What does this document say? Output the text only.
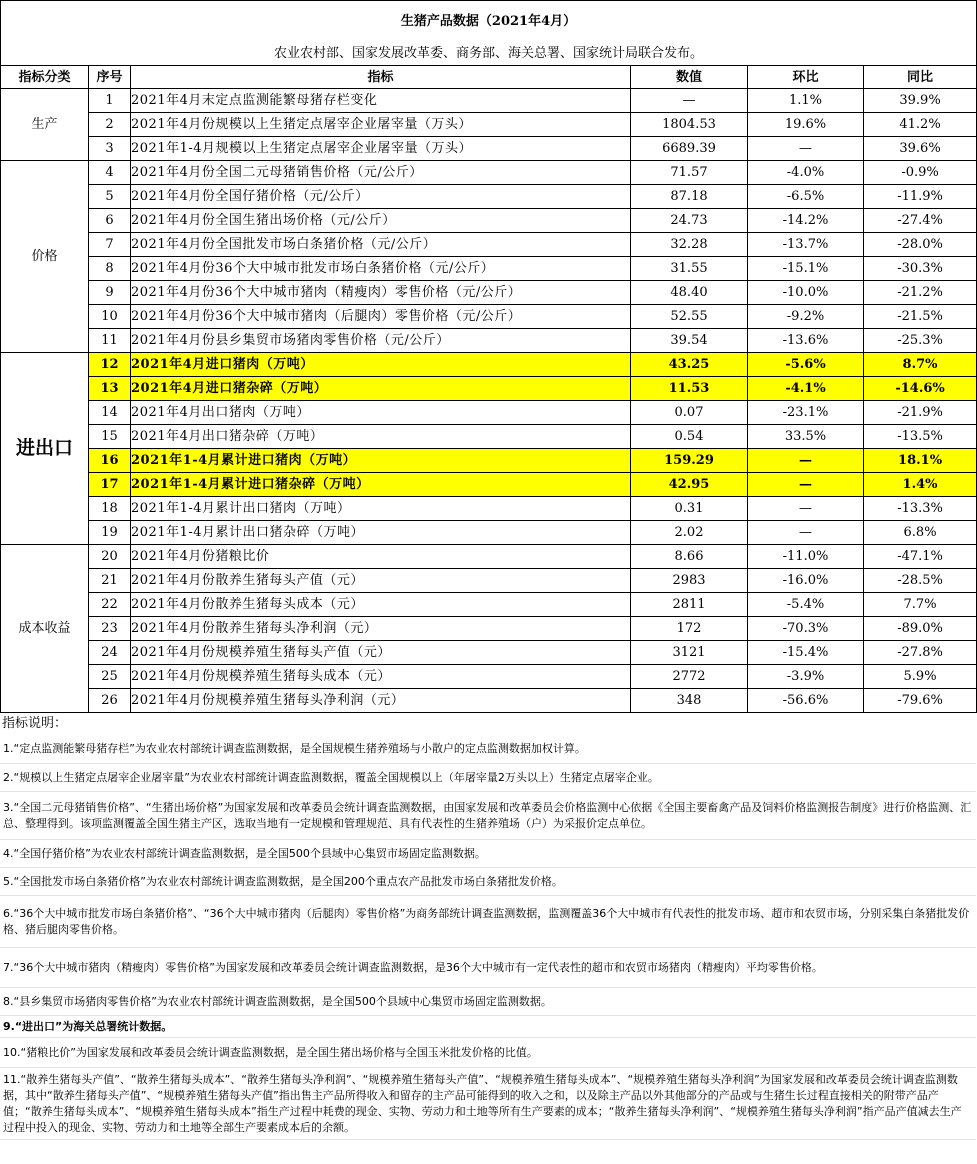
生猪产品数据（2021年4月）					
农业农村部、国家发展改革委、商务部、海关总署、国家统计局联合发布。					
指标分类	序号	指标	数值	环比	同比
生产	1	2021年4月末定点监测能繁母猪存栏变化	—	1.1%	39.9%
	2	2021年4月份规模以上生猪定点屠宰企业屠宰量（万头）	1804.53	19.6%	41.2%
	3	2021年1-4月规模以上生猪定点屠宰企业屠宰量（万头）	6689.39	—	39.6%
价格	4	2021年4月份全国二元母猪销售价格（元/公斤）	71.57	-4.0%	-0.9%
	5	2021年4月份全国仔猪价格（元/公斤）	87.18	-6.5%	-11.9%
	6	2021年4月份全国生猪出场价格（元/公斤）	24.73	-14.2%	-27.4%
	7	2021年4月份全国批发市场白条猪价格（元/公斤）	32.28	-13.7%	-28.0%
	8	2021年4月份36个大中城市批发市场白条猪价格（元/公斤）	31.55	-15.1%	-30.3%
	9	2021年4月份36个大中城市猪肉（精瘦肉）零售价格（元/公斤）	48.40	-10.0%	-21.2%
	10	2021年4月份36个大中城市猪肉（后腿肉）零售价格（元/公斤）	52.55	-9.2%	-21.5%
	11	2021年4月份县乡集贸市场猪肉零售价格（元/公斤）	39.54	-13.6%	-25.3%
进出口	12	2021年4月进口猪肉（万吨）	43.25	-5.6%	8.7%
	13	2021年4月进口猪杂碎（万吨）	11.53	-4.1%	-14.6%
	14	2021年4月出口猪肉（万吨）	0.07	-23.1%	-21.9%
	15	2021年4月出口猪杂碎（万吨）	0.54	33.5%	-13.5%
	16	2021年1-4月累计进口猪肉（万吨）	159.29	—	18.1%
	17	2021年1-4月累计进口猪杂碎（万吨）	42.95	—	1.4%
	18	2021年1-4月累计出口猪肉（万吨）	0.31	—	-13.3%
	19	2021年1-4月累计出口猪杂碎（万吨）	2.02	—	6.8%
成本收益	20	2021年4月份猪粮比价	8.66	-11.0%	-47.1%
	21	2021年4月份散养生猪每头产值（元）	2983	-16.0%	-28.5%
	22	2021年4月份散养生猪每头成本（元）	2811	-5.4%	7.7%
	23	2021年4月份散养生猪每头净利润（元）	172	-70.3%	-89.0%
	24	2021年4月份规模养殖生猪每头产值（元）	3121	-15.4%	-27.8%
	25	2021年4月份规模养殖生猪每头成本（元）	2772	-3.9%	5.9%
	26	2021年4月份规模养殖生猪每头净利润（元）	348	-56.6%	-79.6%
指标说明：
1.“定点监测能繁母猪存栏”为农业农村部统计调查监测数据，是全国规模生猪养殖场与小散户的定点监测数据加权计算。
2.“规模以上生猪定点屠宰企业屠宰量”为农业农村部统计调查监测数据，覆盖全国规模以上（年屠宰量2万头以上）生猪定点屠宰企业。
3.“全国二元母猪销售价格”、“生猪出场价格”为国家发展和改革委员会统计调查监测数据，由国家发展和改革委员会价格监测中心依据《全国主要畜禽产品及饲料价格监测报告制度》进行价格监测、汇总、整理得到。该项监测覆盖全国生猪主产区，选取当地有一定规模和管理规范、具有代表性的生猪养殖场（户）为采报价定点单位。
4.“全国仔猪价格”为农业农村部统计调查监测数据，是全国500个县域中心集贸市场固定监测数据。
5.“全国批发市场白条猪价格”为农业农村部统计调查监测数据，是全国200个重点农产品批发市场白条猪批发价格。
6.“36个大中城市批发市场白条猪价格”、“36个大中城市猪肉（后腿肉）零售价格”为商务部统计调查监测数据，监测覆盖36个大中城市有代表性的批发市场、超市和农贸市场，分别采集白条猪批发价格、猪后腿肉零售价格。
7.“36个大中城市猪肉（精瘦肉）零售价格”为国家发展和改革委员会统计调查监测数据，是36个大中城市有一定代表性的超市和农贸市场猪肉（精瘦肉）平均零售价格。
8.“县乡集贸市场猪肉零售价格”为农业农村部统计调查监测数据，是全国500个县域中心集贸市场固定监测数据。
9.“进出口”为海关总署统计数据。
10.“猪粮比价”为国家发展和改革委员会统计调查监测数据，是全国生猪出场价格与全国玉米批发价格的比值。
11.“散养生猪每头产值”、“散养生猪每头成本”、“散养生猪每头净利润”、“规模养殖生猪每头产值”、“规模养殖生猪每头成本”、“规模养殖生猪每头净利润”为国家发展和改革委员会统计调查监测数据，其中“散养生猪每头产值”、“规模养殖生猪每头产值”指出售主产品所得收入和留存的主产品可能得到的收入之和，以及除主产品以外其他部分的产品或与生猪生长过程直接相关的附带产品产值；“散养生猪每头成本”、“规模养殖生猪每头成本”指生产过程中耗费的现金、实物、劳动力和土地等所有生产要素的成本；“散养生猪每头净利润”、“规模养殖生猪每头净利润”指产品产值减去生产过程中投入的现金、实物、劳动力和土地等全部生产要素成本后的余额。
